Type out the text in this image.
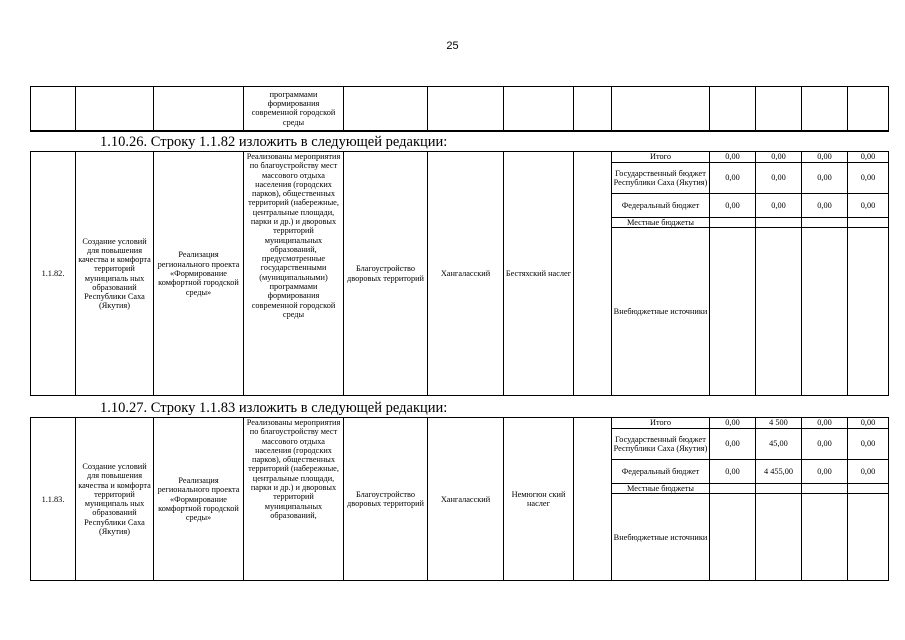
25
			программами формирования современной городской среды									
1.10.26. Строку 1.1.82 изложить в следующей редакции:
1.1.82.	Создание условий для повышения качества и комфорта территорий муниципаль ных образований Республики Саха (Якутия)	Реализация регионального проекта «Формирование комфортной городской среды»	Реализованы мероприятия по благоустройству мест массового отдыха населения (городских парков), общественных территорий (набережные, центральные площади, парки и др.) и дворовых территорий муниципальных образований, предусмотренные государственными (муниципальными) программами формирования современной городской среды	Благоустройство дворовых территорий	Хангаласский	Бестяхский наслег		Итого	0,00	0,00	0,00	0,00
								Государственный бюджет Республики Саха (Якутия)	0,00	0,00	0,00	0,00
								Федеральный бюджет	0,00	0,00	0,00	0,00
								Местные бюджеты				
								Внебюджетные источники				
1.10.27. Строку 1.1.83 изложить в следующей редакции:
1.1.83.	Создание условий для повышения качества и комфорта территорий муниципаль ных образований Республики Саха (Якутия)	Реализация регионального проекта «Формирование комфортной городской среды»	Реализованы мероприятия по благоустройству мест массового отдыха населения (городских парков), общественных территорий (набережные, центральные площади, парки и др.) и дворовых территорий муниципальных образований,	Благоустройство дворовых территорий	Хангаласский	Немюгюн ский наслег		Итого	0,00	4 500	0,00	0,00
								Государственный бюджет Республики Саха (Якутия)	0,00	45,00	0,00	0,00
								Федеральный бюджет	0,00	4 455,00	0,00	0,00
								Местные бюджеты				
								Внебюджетные источники				
